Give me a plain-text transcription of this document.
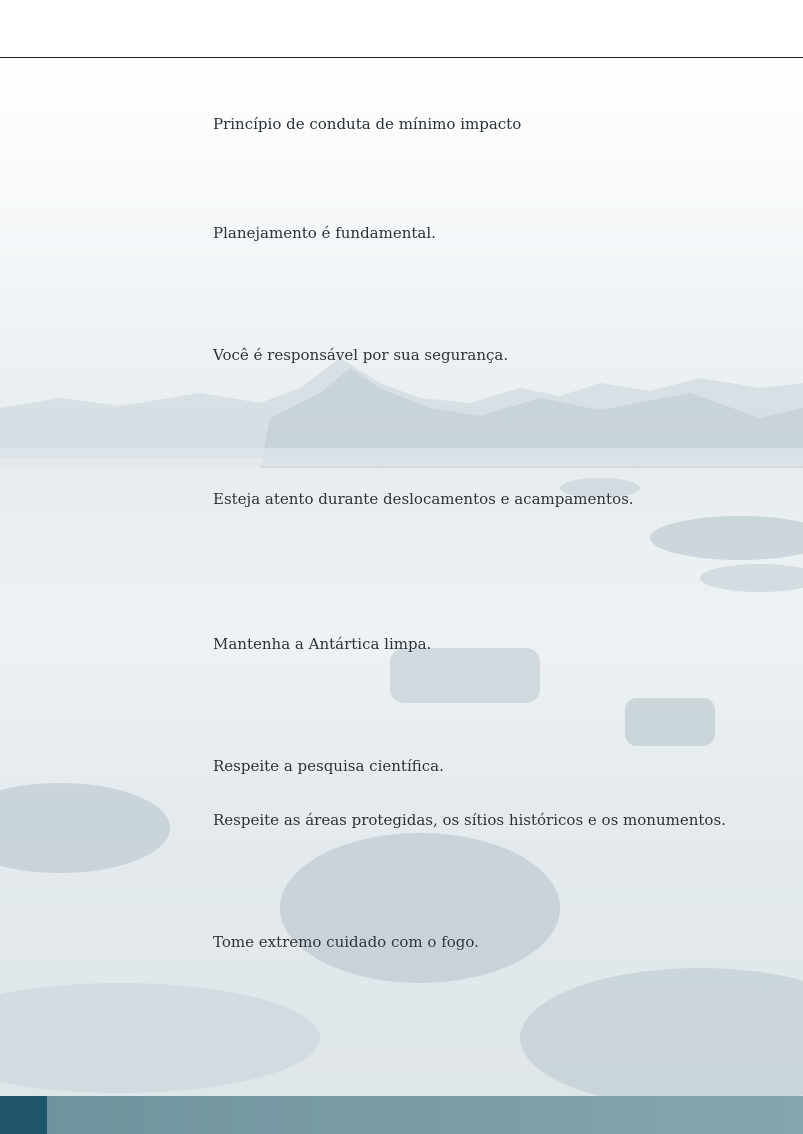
Princípio de conduta de mínimo impacto

Planejamento é fundamental.

Você é responsável por sua segurança.

Esteja atento durante deslocamentos e acampamentos.

Mantenha a Antártica limpa.

Respeite a pesquisa científica.

Respeite as áreas protegidas, os sítios históricos e os monumentos.

Tome extremo cuidado com o fogo.
